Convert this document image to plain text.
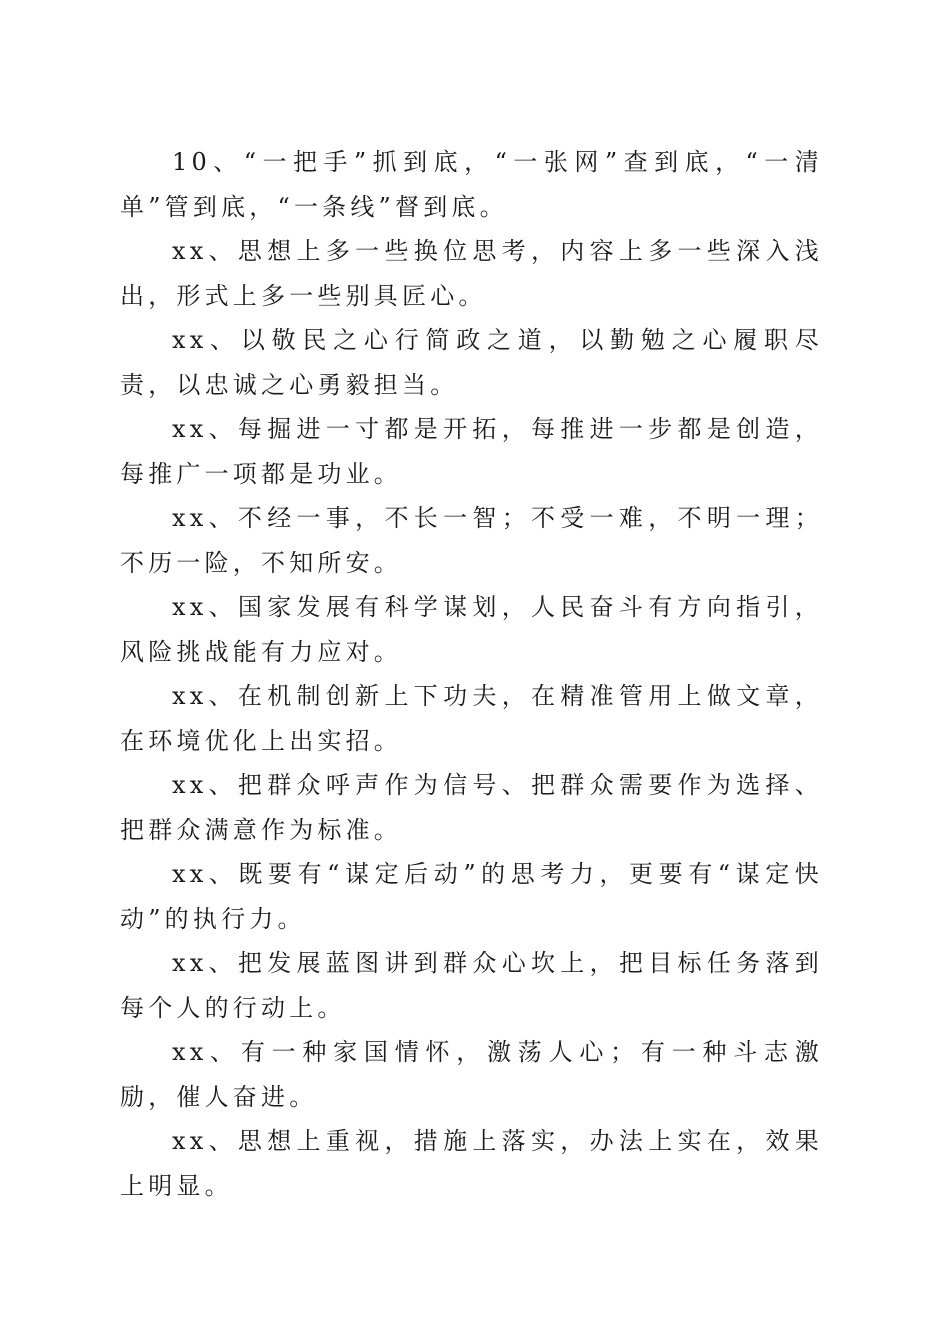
10、“一把手”抓到底，“一张网”查到底，“一清单”管到底，“一条线”督到底。

xx、思想上多一些换位思考，内容上多一些深入浅出，形式上多一些别具匠心。

xx、以敬民之心行简政之道，以勤勉之心履职尽责，以忠诚之心勇毅担当。

xx、每掘进一寸都是开拓，每推进一步都是创造，每推广一项都是功业。

xx、不经一事，不长一智；不受一难，不明一理；不历一险，不知所安。

xx、国家发展有科学谋划，人民奋斗有方向指引，风险挑战能有力应对。

xx、在机制创新上下功夫，在精准管用上做文章，在环境优化上出实招。

xx、把群众呼声作为信号、把群众需要作为选择、把群众满意作为标准。

xx、既要有“谋定后动”的思考力，更要有“谋定快动”的执行力。

xx、把发展蓝图讲到群众心坎上，把目标任务落到每个人的行动上。

xx、有一种家国情怀，激荡人心；有一种斗志激励，催人奋进。

xx、思想上重视，措施上落实，办法上实在，效果上明显。
